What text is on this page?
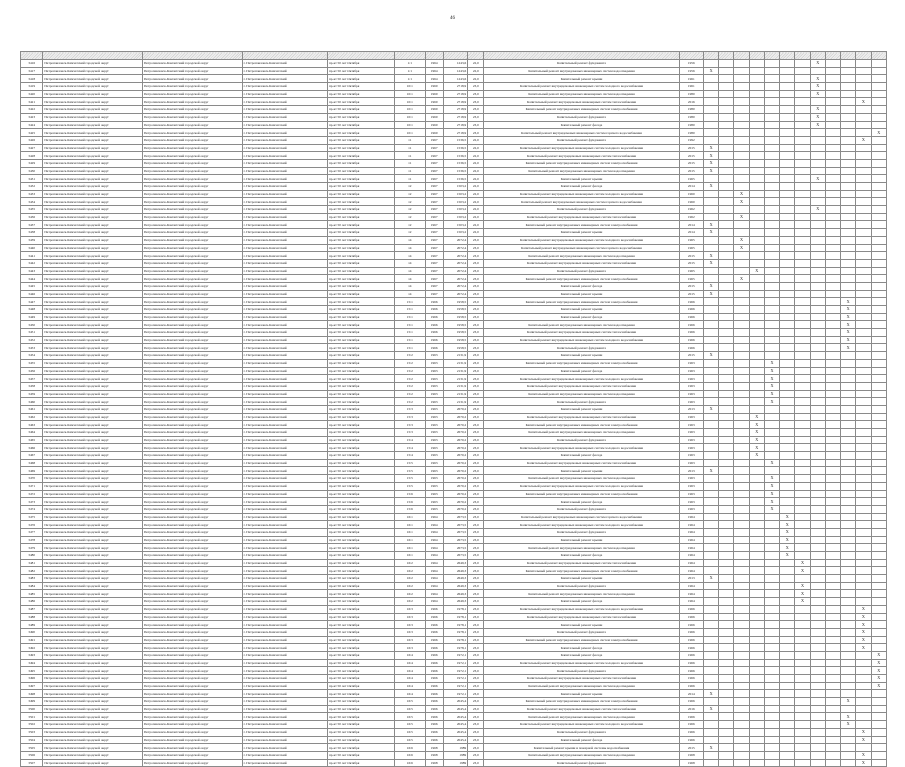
46

3416	Петропавловск-Камчатский городской округ	Петропавловск-Камчатский городской округ	г. Петропавловск-Камчатский	пр-кт 50 лет Октября	1/1	1964	1243,6	22,0	Капитальный ремонт фундамента	1956								X				
3417	Петропавловск-Камчатский городской округ	Петропавловск-Камчатский городской округ	г. Петропавловск-Камчатский	пр-кт 50 лет Октября	1/1	1964	1243,6	22,0	Капитальный ремонт внутридомовых инженерных систем водоотведения	1956	X											
3418	Петропавловск-Камчатский городской округ	Петропавловск-Камчатский городской округ	г. Петропавловск-Камчатский	пр-кт 50 лет Октября	1/1	1964	1243,6	22,0	Капитальный ремонт крыши	1961								X				
3419	Петропавловск-Камчатский городской округ	Петропавловск-Камчатский городской округ	г. Петропавловск-Камчатский	пр-кт 50 лет Октября	10/1	1960	2718,9	23,0	Капитальный ремонт внутридомовых инженерных систем холодного водоснабжения	1961								X				
3420	Петропавловск-Камчатский городской округ	Петропавловск-Камчатский городской округ	г. Петропавловск-Камчатский	пр-кт 50 лет Октября	10/1	1960	2718,9	23,0	Капитальный ремонт внутридомовых инженерных систем водоотведения	1980								X				
3421	Петропавловск-Камчатский городской округ	Петропавловск-Камчатский городской округ	г. Петропавловск-Камчатский	пр-кт 50 лет Октября	10/1	1960	2718,9	23,0	Капитальный ремонт внутридомовых инженерных систем теплоснабжения	2016											X	
3422	Петропавловск-Камчатский городской округ	Петропавловск-Камчатский городской округ	г. Петропавловск-Камчатский	пр-кт 50 лет Октября	10/1	1960	2718,9	23,0	Капитальный ремонт внутридомовых инженерных систем электроснабжения	1980								X				
3423	Петропавловск-Камчатский городской округ	Петропавловск-Камчатский городской округ	г. Петропавловск-Камчатский	пр-кт 50 лет Октября	10/1	1960	2718,9	23,0	Капитальный ремонт фундамента	1980								X				
3424	Петропавловск-Камчатский городской округ	Петропавловск-Камчатский городской округ	г. Петропавловск-Камчатский	пр-кт 50 лет Октября	10/1	1960	2718,9	23,0	Капитальный ремонт фасада	1980								X				
3425	Петропавловск-Камчатский городской округ	Петропавловск-Камчатский городской округ	г. Петропавловск-Камчатский	пр-кт 50 лет Октября	10/1	1960	2718,9	23,0	Капитальный ремонт внутридомовых инженерных систем горячего водоснабжения	1980												X
3426	Петропавловск-Камчатский городской округ	Петропавловск-Камчатский городской округ	г. Петропавловск-Камчатский	пр-кт 50 лет Октября	11	1967	1536,5	22,0	Капитальный ремонт фундамента	1992											X	
3427	Петропавловск-Камчатский городской округ	Петропавловск-Камчатский городской округ	г. Петропавловск-Камчатский	пр-кт 50 лет Октября	11	1967	1536,5	22,0	Капитальный ремонт внутридомовых инженерных систем холодного водоснабжения	2015	X											
3428	Петропавловск-Камчатский городской округ	Петропавловск-Камчатский городской округ	г. Петропавловск-Камчатский	пр-кт 50 лет Октября	11	1967	1536,5	22,0	Капитальный ремонт внутридомовых инженерных систем теплоснабжения	2015	X											
3429	Петропавловск-Камчатский городской округ	Петропавловск-Камчатский городской округ	г. Петропавловск-Камчатский	пр-кт 50 лет Октября	11	1967	1536,5	22,0	Капитальный ремонт внутридомовых инженерных систем электроснабжения	2015	X											
3430	Петропавловск-Камчатский городской округ	Петропавловск-Камчатский городской округ	г. Петропавловск-Камчатский	пр-кт 50 лет Октября	11	1967	1536,5	22,0	Капитальный ремонт внутридомовых инженерных систем водоотведения	2015	X											
3431	Петропавловск-Камчатский городской округ	Петропавловск-Камчатский городской округ	г. Петропавловск-Камчатский	пр-кт 50 лет Октября	11	1967	1536,5	22,0	Капитальный ремонт крыши	1965								X				
3432	Петропавловск-Камчатский городской округ	Петропавловск-Камчатский городской округ	г. Петропавловск-Камчатский	пр-кт 50 лет Октября	12	1967	1503,2	22,0	Капитальный ремонт фасада	2014	X											
3433	Петропавловск-Камчатский городской округ	Петропавловск-Камчатский городской округ	г. Петропавловск-Камчатский	пр-кт 50 лет Октября	12	1967	1503,2	22,0	Капитальный ремонт внутридомовых инженерных систем холодного водоснабжения	1960			X									
3434	Петропавловск-Камчатский городской округ	Петропавловск-Камчатский городской округ	г. Петропавловск-Камчатский	пр-кт 50 лет Октября	12	1967	1503,2	22,0	Капитальный ремонт внутридомовых инженерных систем горячего водоснабжения	1960			X									
3435	Петропавловск-Камчатский городской округ	Петропавловск-Камчатский городской округ	г. Петропавловск-Камчатский	пр-кт 50 лет Октября	12	1967	1503,2	22,0	Капитальный ремонт фундамента	1962								X				
3436	Петропавловск-Камчатский городской округ	Петропавловск-Камчатский городской округ	г. Петропавловск-Камчатский	пр-кт 50 лет Октября	12	1967	1503,2	22,0	Капитальный ремонт внутридомовых инженерных систем теплоснабжения	1962			X									
3437	Петропавловск-Камчатский городской округ	Петропавловск-Камчатский городской округ	г. Петропавловск-Камчатский	пр-кт 50 лет Октября	12	1967	1503,2	22,0	Капитальный ремонт внутридомовых инженерных систем электроснабжения	2014	X											
3438	Петропавловск-Камчатский городской округ	Петропавловск-Камчатский городской округ	г. Петропавловск-Камчатский	пр-кт 50 лет Октября	12	1967	1503,2	22,0	Капитальный ремонт крыши	2014	X											
3439	Петропавловск-Камчатский городской округ	Петропавловск-Камчатский городской округ	г. Петропавловск-Камчатский	пр-кт 50 лет Октября	14	1967	2072,4	23,0	Капитальный ремонт внутридомовых инженерных систем холодного водоснабжения	1965			X									
3440	Петропавловск-Камчатский городской округ	Петропавловск-Камчатский городской округ	г. Петропавловск-Камчатский	пр-кт 50 лет Октября	14	1967	2072,4	23,0	Капитальный ремонт внутридомовых инженерных систем горячего водоснабжения	1965			X									
3441	Петропавловск-Камчатский городской округ	Петропавловск-Камчатский городской округ	г. Петропавловск-Камчатский	пр-кт 50 лет Октября	14	1967	2072,4	23,0	Капитальный ремонт внутридомовых инженерных систем водоотведения	2015	X											
3442	Петропавловск-Камчатский городской округ	Петропавловск-Камчатский городской округ	г. Петропавловск-Камчатский	пр-кт 50 лет Октября	14	1967	2072,4	23,0	Капитальный ремонт внутридомовых инженерных систем теплоснабжения	2015	X											
3443	Петропавловск-Камчатский городской округ	Петропавловск-Камчатский городской округ	г. Петропавловск-Камчатский	пр-кт 50 лет Октября	14	1967	2072,4	23,0	Капитальный ремонт фундамента	1965				X								
3444	Петропавловск-Камчатский городской округ	Петропавловск-Камчатский городской округ	г. Петропавловск-Камчатский	пр-кт 50 лет Октября	14	1967	2072,4	23,0	Капитальный ремонт внутридомовых инженерных систем электроснабжения	1965			X									
3445	Петропавловск-Камчатский городской округ	Петропавловск-Камчатский городской округ	г. Петропавловск-Камчатский	пр-кт 50 лет Октября	14	1967	2072,4	23,0	Капитальный ремонт фасада	2015	X											
3446	Петропавловск-Камчатский городской округ	Петропавловск-Камчатский городской округ	г. Петропавловск-Камчатский	пр-кт 50 лет Октября	14	1967	2072,4	23,0	Капитальный ремонт крыши	2015	X											
3447	Петропавловск-Камчатский городской округ	Петропавловск-Камчатский городской округ	г. Петропавловск-Камчатский	пр-кт 50 лет Октября	15/1	1966	1958,5	23,0	Капитальный ремонт внутридомовых инженерных систем электроснабжения	1966										X		
3448	Петропавловск-Камчатский городской округ	Петропавловск-Камчатский городской округ	г. Петропавловск-Камчатский	пр-кт 50 лет Октября	15/1	1966	1958,5	23,0	Капитальный ремонт крыши	1966										X		
3449	Петропавловск-Камчатский городской округ	Петропавловск-Камчатский городской округ	г. Петропавловск-Камчатский	пр-кт 50 лет Октября	15/1	1966	1958,5	23,0	Капитальный ремонт фасада	1966										X		
3450	Петропавловск-Камчатский городской округ	Петропавловск-Камчатский городской округ	г. Петропавловск-Камчатский	пр-кт 50 лет Октября	15/1	1966	1958,5	23,0	Капитальный ремонт внутридомовых инженерных систем водоотведения	1966										X		
3451	Петропавловск-Камчатский городской округ	Петропавловск-Камчатский городской округ	г. Петропавловск-Камчатский	пр-кт 50 лет Октября	15/1	1966	1958,5	23,0	Капитальный ремонт внутридомовых инженерных систем теплоснабжения	1966										X		
3452	Петропавловск-Камчатский городской округ	Петропавловск-Камчатский городской округ	г. Петропавловск-Камчатский	пр-кт 50 лет Октября	15/1	1966	1958,5	23,0	Капитальный ремонт внутридомовых инженерных систем холодного водоснабжения	1966										X		
3453	Петропавловск-Камчатский городской округ	Петропавловск-Камчатский городской округ	г. Петропавловск-Камчатский	пр-кт 50 лет Октября	15/1	1966	1958,5	23,0	Капитальный ремонт фундамента	1966										X		
3454	Петропавловск-Камчатский городской округ	Петропавловск-Камчатский городской округ	г. Петропавловск-Камчатский	пр-кт 50 лет Октября	15/2	1963	2131,9	23,0	Капитальный ремонт крыши	2015	X											
3455	Петропавловск-Камчатский городской округ	Петропавловск-Камчатский городской округ	г. Петропавловск-Камчатский	пр-кт 50 лет Октября	15/2	1963	2131,9	23,0	Капитальный ремонт внутридомовых инженерных систем электроснабжения	1963					X							
3456	Петропавловск-Камчатский городской округ	Петропавловск-Камчатский городской округ	г. Петропавловск-Камчатский	пр-кт 50 лет Октября	15/2	1963	2131,9	23,0	Капитальный ремонт фасада	1963					X							
3457	Петропавловск-Камчатский городской округ	Петропавловск-Камчатский городской округ	г. Петропавловск-Камчатский	пр-кт 50 лет Октября	15/2	1963	2131,9	23,0	Капитальный ремонт внутридомовых инженерных систем холодного водоснабжения	1963					X							
3458	Петропавловск-Камчатский городской округ	Петропавловск-Камчатский городской округ	г. Петропавловск-Камчатский	пр-кт 50 лет Октября	15/2	1963	2131,9	23,0	Капитальный ремонт внутридомовых инженерных систем теплоснабжения	1963					X							
3459	Петропавловск-Камчатский городской округ	Петропавловск-Камчатский городской округ	г. Петропавловск-Камчатский	пр-кт 50 лет Октября	15/2	1963	2131,9	23,0	Капитальный ремонт внутридомовых инженерных систем водоотведения	1963					X							
3460	Петропавловск-Камчатский городской округ	Петропавловск-Камчатский городской округ	г. Петропавловск-Камчатский	пр-кт 50 лет Октября	15/2	1963	2131,9	23,0	Капитальный ремонт фундамента	1963					X							
3461	Петропавловск-Камчатский городской округ	Петропавловск-Камчатский городской округ	г. Петропавловск-Камчатский	пр-кт 50 лет Октября	15/3	1963	2670,2	23,0	Капитальный ремонт крыши	2013	X											
3462	Петропавловск-Камчатский городской округ	Петропавловск-Камчатский городской округ	г. Петропавловск-Камчатский	пр-кт 50 лет Октября	15/3	1963	2670,2	23,0	Капитальный ремонт внутридомовых инженерных систем теплоснабжения	1963				X								
3463	Петропавловск-Камчатский городской округ	Петропавловск-Камчатский городской округ	г. Петропавловск-Камчатский	пр-кт 50 лет Октября	15/3	1963	2670,2	23,0	Капитальный ремонт внутридомовых инженерных систем электроснабжения	1963				X								
3464	Петропавловск-Камчатский городской округ	Петропавловск-Камчатский городской округ	г. Петропавловск-Камчатский	пр-кт 50 лет Октября	15/3	1963	2670,2	23,0	Капитальный ремонт внутридомовых инженерных систем водоотведения	1963				X								
3465	Петропавловск-Камчатский городской округ	Петропавловск-Камчатский городской округ	г. Петропавловск-Камчатский	пр-кт 50 лет Октября	15/4	1963	2670,2	23,0	Капитальный ремонт фундамента	1963				X								
3466	Петропавловск-Камчатский городской округ	Петропавловск-Камчатский городской округ	г. Петропавловск-Камчатский	пр-кт 50 лет Октября	15/4	1963	2670,2	23,0	Капитальный ремонт внутридомовых инженерных систем холодного водоснабжения	1963				X								
3467	Петропавловск-Камчатский городской округ	Петропавловск-Камчатский городской округ	г. Петропавловск-Камчатский	пр-кт 50 лет Октября	15/4	1963	2670,2	23,0	Капитальный ремонт фасада	1963				X								
3468	Петропавловск-Камчатский городской округ	Петропавловск-Камчатский городской округ	г. Петропавловск-Камчатский	пр-кт 50 лет Октября	15/5	1963	2670,2	23,0	Капитальный ремонт внутридомовых инженерных систем теплоснабжения	1963					X							
3469	Петропавловск-Камчатский городской округ	Петропавловск-Камчатский городской округ	г. Петропавловск-Камчатский	пр-кт 50 лет Октября	15/5	1963	2670,2	23,0	Капитальный ремонт крыши	2013	X											
3470	Петропавловск-Камчатский городской округ	Петропавловск-Камчатский городской округ	г. Петропавловск-Камчатский	пр-кт 50 лет Октября	15/5	1963	2670,2	23,0	Капитальный ремонт внутридомовых инженерных систем водоотведения	1963					X							
3471	Петропавловск-Камчатский городской округ	Петропавловск-Камчатский городской округ	г. Петропавловск-Камчатский	пр-кт 50 лет Октября	15/5	1963	2670,2	23,0	Капитальный ремонт внутридомовых инженерных систем холодного водоснабжения	1963					X							
3472	Петропавловск-Камчатский городской округ	Петропавловск-Камчатский городской округ	г. Петропавловск-Камчатский	пр-кт 50 лет Октября	15/6	1963	2670,2	23,0	Капитальный ремонт внутридомовых инженерных систем электроснабжения	1963					X							
3473	Петропавловск-Камчатский городской округ	Петропавловск-Камчатский городской округ	г. Петропавловск-Камчатский	пр-кт 50 лет Октября	15/6	1963	2670,2	23,0	Капитальный ремонт фасада	1963					X							
3474	Петропавловск-Камчатский городской округ	Петропавловск-Камчатский городской округ	г. Петропавловск-Камчатский	пр-кт 50 лет Октября	15/6	1963	2670,2	23,0	Капитальный ремонт фундамента	1963					X							
3475	Петропавловск-Камчатский городской округ	Петропавловск-Камчатский городской округ	г. Петропавловск-Камчатский	пр-кт 50 лет Октября	16/1	1964	2673,5	23,0	Капитальный ремонт внутридомовых инженерных систем горячего водоснабжения	1964						X						
3476	Петропавловск-Камчатский городской округ	Петропавловск-Камчатский городской округ	г. Петропавловск-Камчатский	пр-кт 50 лет Октября	16/1	1964	2673,5	23,0	Капитальный ремонт внутридомовых инженерных систем холодного водоснабжения	1964						X						
3477	Петропавловск-Камчатский городской округ	Петропавловск-Камчатский городской округ	г. Петропавловск-Камчатский	пр-кт 50 лет Октября	16/1	1964	2673,5	23,0	Капитальный ремонт фундамента	1964						X						
3478	Петропавловск-Камчатский городской округ	Петропавловск-Камчатский городской округ	г. Петропавловск-Камчатский	пр-кт 50 лет Октября	16/1	1964	2673,5	23,0	Капитальный ремонт крыши	1964						X						
3479	Петропавловск-Камчатский городской округ	Петропавловск-Камчатский городской округ	г. Петропавловск-Камчатский	пр-кт 50 лет Октября	16/1	1964	2673,5	23,0	Капитальный ремонт внутридомовых инженерных систем водоотведения	1964						X						
3480	Петропавловск-Камчатский городской округ	Петропавловск-Камчатский городской округ	г. Петропавловск-Камчатский	пр-кт 50 лет Октября	16/1	1964	2673,5	23,0	Капитальный ремонт фасада	1964						X						
3481	Петропавловск-Камчатский городской округ	Петропавловск-Камчатский городской округ	г. Петропавловск-Камчатский	пр-кт 50 лет Октября	16/2	1964	2649,3	23,0	Капитальный ремонт внутридомовых инженерных систем теплоснабжения	1964							X					
3482	Петропавловск-Камчатский городской округ	Петропавловск-Камчатский городской округ	г. Петропавловск-Камчатский	пр-кт 50 лет Октября	16/2	1964	2649,3	23,0	Капитальный ремонт внутридомовых инженерных систем электроснабжения	1964							X					
3483	Петропавловск-Камчатский городской округ	Петропавловск-Камчатский городской округ	г. Петропавловск-Камчатский	пр-кт 50 лет Октября	16/2	1964	2649,3	23,0	Капитальный ремонт крыши	2013	X											
3484	Петропавловск-Камчатский городской округ	Петропавловск-Камчатский городской округ	г. Петропавловск-Камчатский	пр-кт 50 лет Октября	16/2	1964	2649,3	23,0	Капитальный ремонт фундамента	1964							X					
3485	Петропавловск-Камчатский городской округ	Петропавловск-Камчатский городской округ	г. Петропавловск-Камчатский	пр-кт 50 лет Октября	16/2	1964	2649,3	23,0	Капитальный ремонт внутридомовых инженерных систем водоотведения	1964							X					
3486	Петропавловск-Камчатский городской округ	Петропавловск-Камчатский городской округ	г. Петропавловск-Камчатский	пр-кт 50 лет Октября	16/2	1964	2649,3	23,0	Капитальный ремонт фасада	1964							X					
3487	Петропавловск-Камчатский городской округ	Петропавловск-Камчатский городской округ	г. Петропавловск-Камчатский	пр-кт 50 лет Октября	16/3	1966	1978,1	23,0	Капитальный ремонт внутридомовых инженерных систем холодного водоснабжения	1966											X	
3488	Петропавловск-Камчатский городской округ	Петропавловск-Камчатский городской округ	г. Петропавловск-Камчатский	пр-кт 50 лет Октября	16/3	1966	1978,1	23,0	Капитальный ремонт внутридомовых инженерных систем теплоснабжения	1966											X	
3489	Петропавловск-Камчатский городской округ	Петропавловск-Камчатский городской округ	г. Петропавловск-Камчатский	пр-кт 50 лет Октября	16/3	1966	1978,1	23,0	Капитальный ремонт крыши	1966											X	
3490	Петропавловск-Камчатский городской округ	Петропавловск-Камчатский городской округ	г. Петропавловск-Камчатский	пр-кт 50 лет Октября	16/3	1966	1978,1	23,0	Капитальный ремонт фундамента	1966											X	
3491	Петропавловск-Камчатский городской округ	Петропавловск-Камчатский городской округ	г. Петропавловск-Камчатский	пр-кт 50 лет Октября	16/3	1966	1978,1	23,0	Капитальный ремонт внутридомовых инженерных систем электроснабжения	1966											X	
3492	Петропавловск-Камчатский городской округ	Петропавловск-Камчатский городской округ	г. Петропавловск-Камчатский	пр-кт 50 лет Октября	16/3	1966	1978,1	23,0	Капитальный ремонт фасада	1966											X	
3493	Петропавловск-Камчатский городской округ	Петропавловск-Камчатский городской округ	г. Петропавловск-Камчатский	пр-кт 50 лет Октября	16/4	1966	1972,1	23,0	Капитальный ремонт фасада	1966												X
3494	Петропавловск-Камчатский городской округ	Петропавловск-Камчатский городской округ	г. Петропавловск-Камчатский	пр-кт 50 лет Октября	16/4	1966	1972,1	23,0	Капитальный ремонт внутридомовых инженерных систем холодного водоснабжения	1966												X
3495	Петропавловск-Камчатский городской округ	Петропавловск-Камчатский городской округ	г. Петропавловск-Камчатский	пр-кт 50 лет Октября	16/4	1966	1972,1	23,0	Капитальный ремонт фундамента	1966												X
3496	Петропавловск-Камчатский городской округ	Петропавловск-Камчатский городской округ	г. Петропавловск-Камчатский	пр-кт 50 лет Октября	16/4	1966	1972,1	23,0	Капитальный ремонт внутридомовых инженерных систем теплоснабжения	1966												X
3497	Петропавловск-Камчатский городской округ	Петропавловск-Камчатский городской округ	г. Петропавловск-Камчатский	пр-кт 50 лет Октября	16/4	1966	1972,1	23,0	Капитальный ремонт внутридомовых инженерных систем водоотведения	1966												X
3498	Петропавловск-Камчатский городской округ	Петропавловск-Камчатский городской округ	г. Петропавловск-Камчатский	пр-кт 50 лет Октября	16/4	1966	1972,1	23,0	Капитальный ремонт крыши	2014	X											
3499	Петропавловск-Камчатский городской округ	Петропавловск-Камчатский городской округ	г. Петропавловск-Камчатский	пр-кт 50 лет Октября	16/5	1966	2045,4	23,0	Капитальный ремонт внутридомовых инженерных систем электроснабжения	1966										X		
3500	Петропавловск-Камчатский городской округ	Петропавловск-Камчатский городской округ	г. Петропавловск-Камчатский	пр-кт 50 лет Октября	16/5	1966	2045,4	23,0	Капитальный ремонт внутридомовых инженерных систем теплоснабжения	2016	X											
3501	Петропавловск-Камчатский городской округ	Петропавловск-Камчатский городской округ	г. Петропавловск-Камчатский	пр-кт 50 лет Октября	16/5	1966	2045,4	23,0	Капитальный ремонт внутридомовых инженерных систем водоотведения	1966										X		
3502	Петропавловск-Камчатский городской округ	Петропавловск-Камчатский городской округ	г. Петропавловск-Камчатский	пр-кт 50 лет Октября	16/5	1966	2045,4	23,0	Капитальный ремонт внутридомовых инженерных систем холодного водоснабжения	1966										X		
3503	Петропавловск-Камчатский городской округ	Петропавловск-Камчатский городской округ	г. Петропавловск-Камчатский	пр-кт 50 лет Октября	16/5	1966	2045,4	23,0	Капитальный ремонт фундамента	1966											X	
3504	Петропавловск-Камчатский городской округ	Петропавловск-Камчатский городской округ	г. Петропавловск-Камчатский	пр-кт 50 лет Октября	16/5	1966	2045,4	23,0	Капитальный ремонт фасада	1966											X	
3505	Петропавловск-Камчатский городской округ	Петропавловск-Камчатский городской округ	г. Петропавловск-Камчатский	пр-кт 50 лет Октября	16/6	1968	1989	23,0	Капитальный ремонт крыши и пожарной системы водоснабжения	2015	X											
3506	Петропавловск-Камчатский городской округ	Петропавловск-Камчатский городской округ	г. Петропавловск-Камчатский	пр-кт 50 лет Октября	16/6	1968	1989	23,0	Капитальный ремонт внутридомовых инженерных систем водоотведения	1968											X	
3507	Петропавловск-Камчатский городской округ	Петропавловск-Камчатский городской округ	г. Петропавловск-Камчатский	пр-кт 50 лет Октября	16/6	1968	1989	23,0	Капитальный ремонт фундамента	1968											X	
